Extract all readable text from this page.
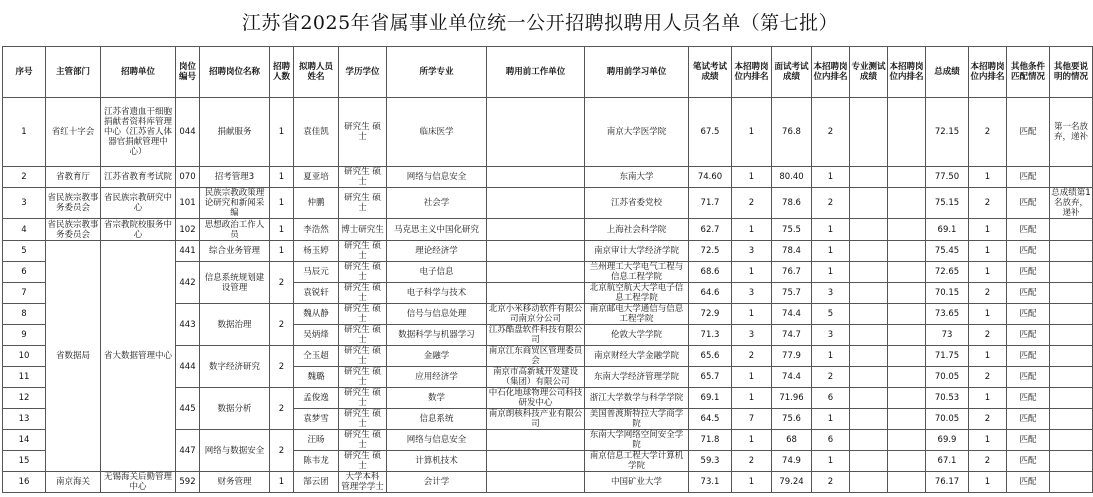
江苏省2025年省属事业单位统一公开招聘拟聘用人员名单（第七批）
序号	主管部门	招聘单位	岗位编号	招聘岗位名称	招聘人数	拟聘人员姓名	学历学位	所学专业	聘用前工作单位	聘用前学习单位	笔试考试成绩	本招聘岗位内排名	面试考试成绩	本招聘岗位内排名	专业测试成绩	本招聘岗位内排名	总成绩	本招聘岗位内排名	其他条件匹配情况	其他要说明的情况
1	省红十字会	江苏省遗血干细胞捐献者资料库管理中心（江苏省人体器官捐献管理中心）	044	捐献服务	1	袁佳凯	研究生 硕士	临床医学		南京大学医学院	67.5	1	76.8	2			72.15	2	匹配	第一名放弃，递补
2	省教育厅	江苏省教育考试院	070	招考管理3	1	夏亚培	研究生 硕士	网络与信息安全		东南大学	74.60	1	80.40	1			77.50	1	匹配	
3	省民族宗教事务委员会	省民族宗教研究中心	101	民族宗教政策理论研究和新闻采编	1	仲鹏	研究生 硕士	社会学		江苏省委党校	71.7	2	78.6	2			75.15	2	匹配	总成绩第1名放弃，递补
4	省民族宗教事务委员会	省宗教院校服务中心	102	思想政治工作人员	1	李浩然	博士研究生	马克思主义中国化研究		上海社会科学院	62.7	1	75.5	1			69.1	1	匹配	
5	省数据局	省大数据管理中心	441	综合业务管理	1	杨玉婷	研究生 硕士	理论经济学		南京审计大学经济学院	72.5	3	78.4	1			75.45	1	匹配	
6			442	信息系统规划建设管理	2	马辰元	研究生 硕士	电子信息		兰州理工大学电气工程与信息工程学院	68.6	1	76.7	1			72.65	1	匹配	
7						袁锐轩	研究生 硕士	电子科学与技术		北京航空航天大学电子信息工程学院	64.6	3	75.7	3			70.15	2	匹配	
8			443	数据治理	2	魏从静	研究生 硕士	信号与信息处理	北京小米移动软件有限公司南京分公司	南京邮电大学通信与信息工程学院	72.9	1	74.4	5			73.65	1	匹配	
9						吴炳烽	研究生 硕士	数据科学与机器学习	江苏酷盘软件科技有限公司	伦敦大学学院	71.3	3	74.7	3			73	2	匹配	
10			444	数字经济研究	2	仝玉超	研究生 硕士	金融学	南京江东商贸区管理委员会	南京财经大学金融学院	65.6	2	77.9	1			71.75	1	匹配	
11						魏璐	研究生 硕士	应用经济学	南京市高新城开发建设（集团）有限公司	东南大学经济管理学院	65.7	1	74.4	2			70.05	2	匹配	
12			445	数据分析	2	孟俊逸	研究生 硕士	数学	中石化地球物理公司科技研发中心	浙江大学数学与科学学院	69.1	1	71.96	6			70.53	1	匹配	
13						袁梦雪	研究生 硕士	信息系统	南京朗核科技产业有限公司	美国普渡斯特拉大学商学院	64.5	7	75.6	1			70.05	2	匹配	
14			447	网络与数据安全	2	汪旸	研究生 硕士	网络与信息安全		东南大学网络空间安全学院	71.8	1	68	6			69.9	1	匹配	
15						陈韦龙	研究生 硕士	计算机技术		南京信息工程大学计算机学院	59.3	2	74.9	1			67.1	2	匹配	
16	南京海关	无锡海关后勤管理中心	592	财务管理	1	郜云团	大学本科 管理学学士	会计学		中国矿业大学	73.1	1	79.24	2			76.17	1	匹配	
